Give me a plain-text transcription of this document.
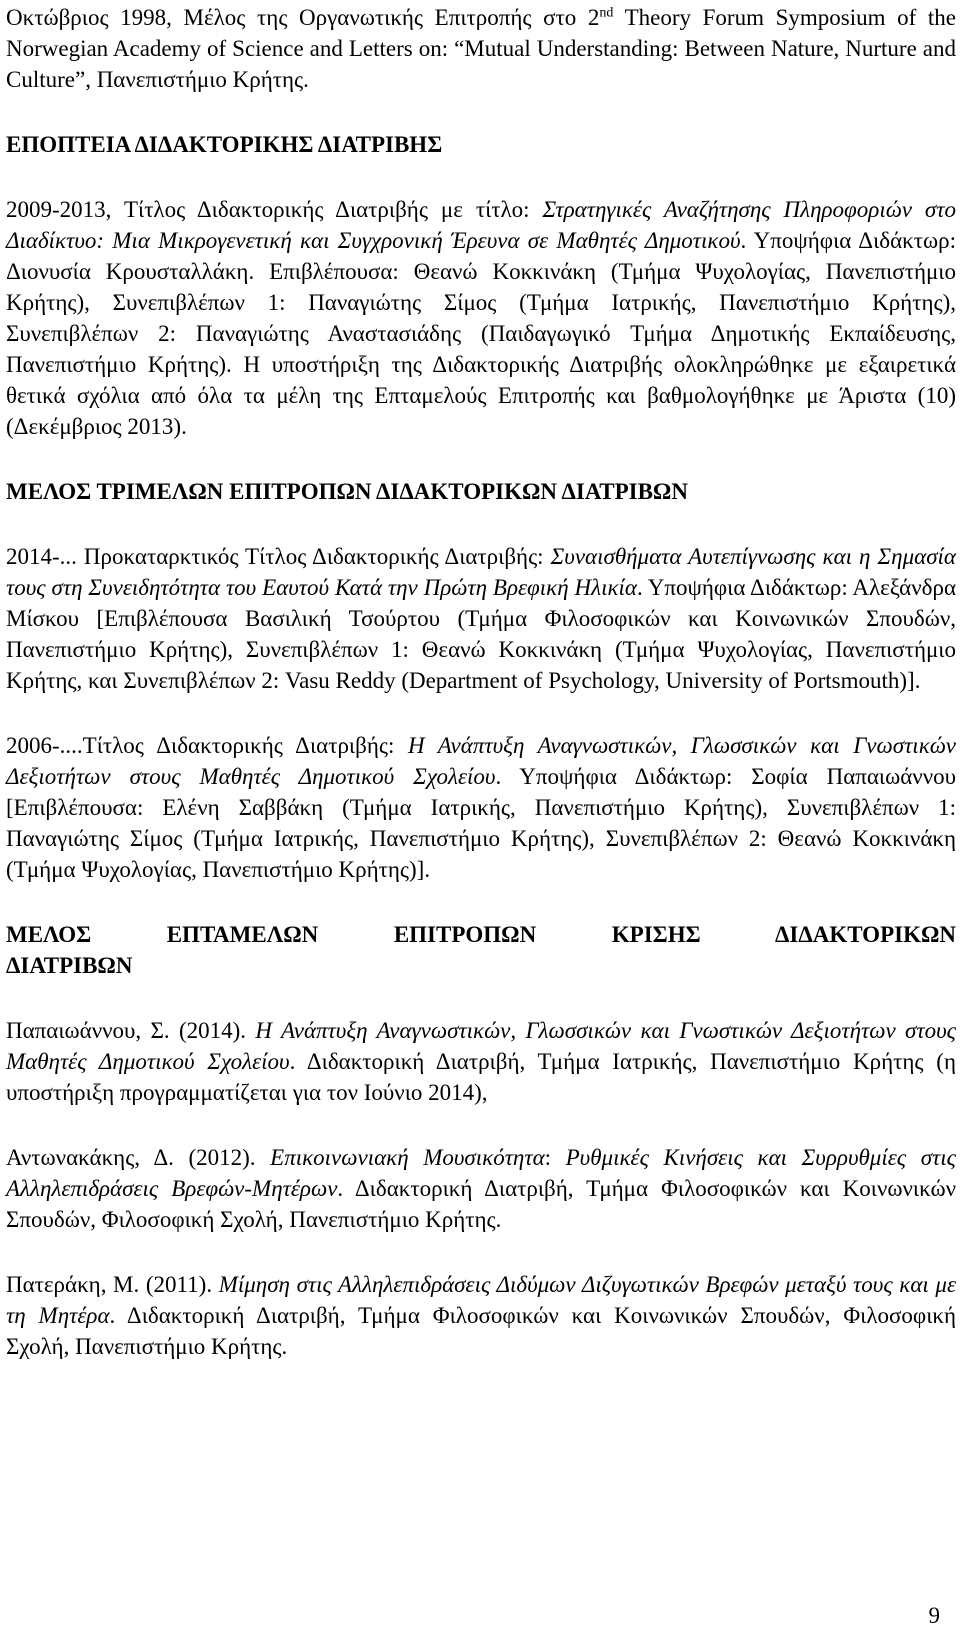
Οκτώβριος 1998, Μέλος της Οργανωτικής Επιτροπής στο 2nd Theory Forum Symposium of the Norwegian Academy of Science and Letters on: “Mutual Understanding: Between Nature, Nurture and Culture”, Πανεπιστήμιο Κρήτης.

ΕΠΟΠΤΕΙΑ ΔΙΔΑΚΤΟΡΙΚΗΣ ΔΙΑΤΡΙΒΗΣ

2009-2013, Τίτλος Διδακτορικής Διατριβής με τίτλο: Στρατηγικές Αναζήτησης Πληροφοριών στο Διαδίκτυο: Μια Μικρογενετική και Συγχρονική Έρευνα σε Μαθητές Δημοτικού. Υποψήφια Διδάκτωρ: Διονυσία Κρουσταλλάκη. Επιβλέπουσα: Θεανώ Κοκκινάκη (Τμήμα Ψυχολογίας, Πανεπιστήμιο Κρήτης), Συνεπιβλέπων 1: Παναγιώτης Σίμος (Τμήμα Ιατρικής, Πανεπιστήμιο Κρήτης), Συνεπιβλέπων 2: Παναγιώτης Αναστασιάδης (Παιδαγωγικό Τμήμα Δημοτικής Εκπαίδευσης, Πανεπιστήμιο Κρήτης). Η υποστήριξη της Διδακτορικής Διατριβής ολοκληρώθηκε με εξαιρετικά θετικά σχόλια από όλα τα μέλη της Επταμελούς Επιτροπής και βαθμολογήθηκε με Άριστα (10) (Δεκέμβριος 2013).

ΜΕΛΟΣ ΤΡΙΜΕΛΩΝ ΕΠΙΤΡΟΠΩΝ ΔΙΔΑΚΤΟΡΙΚΩΝ ΔΙΑΤΡΙΒΩΝ

2014-... Προκαταρκτικός Τίτλος Διδακτορικής Διατριβής: Συναισθήματα Αυτεπίγνωσης και η Σημασία τους στη Συνειδητότητα του Εαυτού Κατά την Πρώτη Βρεφική Ηλικία. Υποψήφια Διδάκτωρ: Αλεξάνδρα Μίσκου [Επιβλέπουσα Βασιλική Τσούρτου (Τμήμα Φιλοσοφικών και Κοινωνικών Σπουδών, Πανεπιστήμιο Κρήτης), Συνεπιβλέπων 1: Θεανώ Κοκκινάκη (Τμήμα Ψυχολογίας, Πανεπιστήμιο Κρήτης, και Συνεπιβλέπων 2: Vasu Reddy (Department of Psychology, University of Portsmouth)].

2006-....Τίτλος Διδακτορικής Διατριβής: Η Ανάπτυξη Αναγνωστικών, Γλωσσικών και Γνωστικών Δεξιοτήτων στους Μαθητές Δημοτικού Σχολείου. Υποψήφια Διδάκτωρ: Σοφία Παπαιωάννου [Επιβλέπουσα: Ελένη Σαββάκη (Τμήμα Ιατρικής, Πανεπιστήμιο Κρήτης), Συνεπιβλέπων 1: Παναγιώτης Σίμος (Τμήμα Ιατρικής, Πανεπιστήμιο Κρήτης), Συνεπιβλέπων 2: Θεανώ Κοκκινάκη (Τμήμα Ψυχολογίας, Πανεπιστήμιο Κρήτης)].

ΜΕΛΟΣ ΕΠΤΑΜΕΛΩΝ ΕΠΙΤΡΟΠΩΝ ΚΡΙΣΗΣ ΔΙΔΑΚΤΟΡΙΚΩΝ
ΔΙΑΤΡΙΒΩΝ

Παπαιωάννου, Σ. (2014). Η Ανάπτυξη Αναγνωστικών, Γλωσσικών και Γνωστικών Δεξιοτήτων στους Μαθητές Δημοτικού Σχολείου. Διδακτορική Διατριβή, Τμήμα Ιατρικής, Πανεπιστήμιο Κρήτης (η υποστήριξη προγραμματίζεται για τον Ιούνιο 2014),

Αντωνακάκης, Δ. (2012). Επικοινωνιακή Μουσικότητα: Ρυθμικές Κινήσεις και Συρρυθμίες στις Αλληλεπιδράσεις Βρεφών-Μητέρων. Διδακτορική Διατριβή, Τμήμα Φιλοσοφικών και Κοινωνικών Σπουδών, Φιλοσοφική Σχολή, Πανεπιστήμιο Κρήτης.

Πατεράκη, Μ. (2011). Μίμηση στις Αλληλεπιδράσεις Διδύμων Διζυγωτικών Βρεφών μεταξύ τους και με τη Μητέρα. Διδακτορική Διατριβή, Τμήμα Φιλοσοφικών και Κοινωνικών Σπουδών, Φιλοσοφική Σχολή, Πανεπιστήμιο Κρήτης.

9
